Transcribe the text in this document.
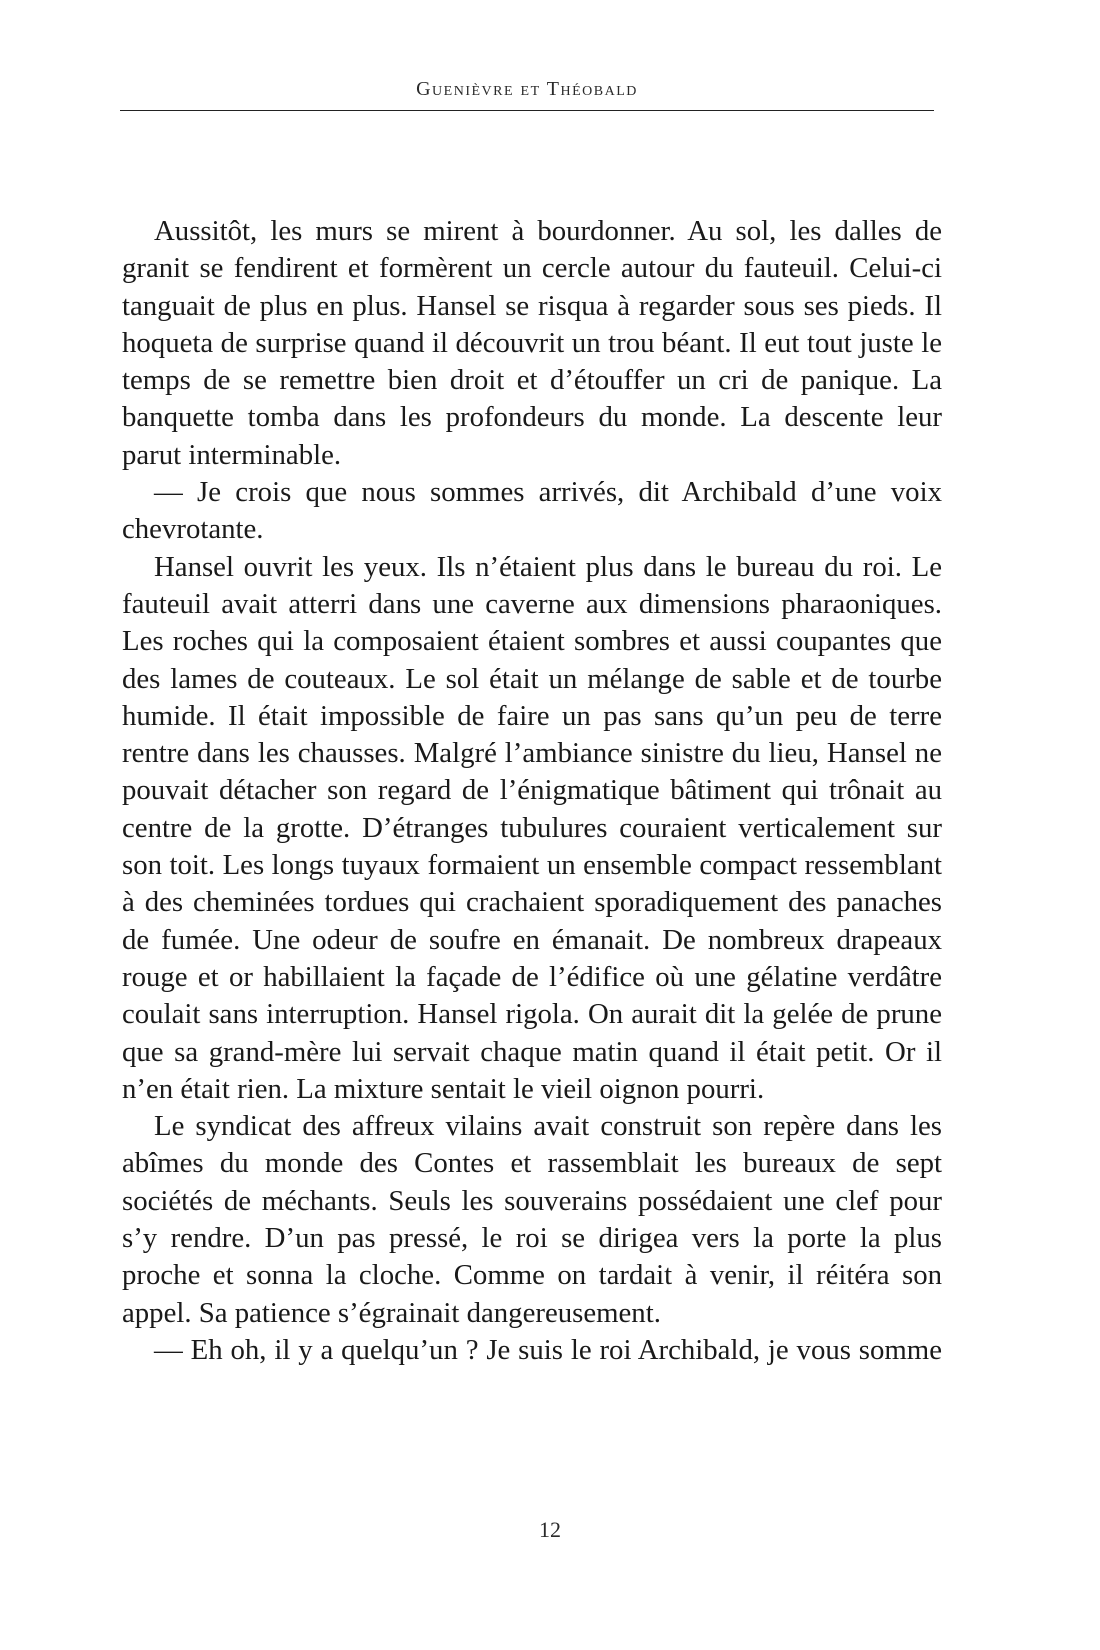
Guenièvre et Théobald

Aussitôt, les murs se mirent à bourdonner. Au sol, les dalles de granit se fendirent et formèrent un cercle autour du fauteuil. Celui-ci tanguait de plus en plus. Hansel se risqua à regarder sous ses pieds. Il hoqueta de surprise quand il découvrit un trou béant. Il eut tout juste le temps de se remettre bien droit et d’étouffer un cri de panique. La banquette tomba dans les profondeurs du monde. La descente leur parut interminable.

— Je crois que nous sommes arrivés, dit Archibald d’une voix chevrotante.

Hansel ouvrit les yeux. Ils n’étaient plus dans le bureau du roi. Le fauteuil avait atterri dans une caverne aux dimensions pharaoniques. Les roches qui la composaient étaient sombres et aussi coupantes que des lames de couteaux. Le sol était un mélange de sable et de tourbe humide. Il était impossible de faire un pas sans qu’un peu de terre rentre dans les chausses. Malgré l’ambiance sinistre du lieu, Hansel ne pouvait détacher son regard de l’énigmatique bâtiment qui trônait au centre de la grotte. D’étranges tubulures couraient verticalement sur son toit. Les longs tuyaux formaient un ensemble compact ressemblant à des cheminées tordues qui crachaient sporadiquement des panaches de fumée. Une odeur de soufre en émanait. De nombreux drapeaux rouge et or habillaient la façade de l’édifice où une gélatine verdâtre coulait sans interruption. Hansel rigola. On aurait dit la gelée de prune que sa grand-mère lui servait chaque matin quand il était petit. Or il n’en était rien. La mixture sentait le vieil oignon pourri.

Le syndicat des affreux vilains avait construit son repère dans les abîmes du monde des Contes et rassemblait les bureaux de sept sociétés de méchants. Seuls les souverains possédaient une clef pour s’y rendre. D’un pas pressé, le roi se dirigea vers la porte la plus proche et sonna la cloche. Comme on tardait à venir, il réitéra son appel. Sa patience s’égrainait dangereusement.

— Eh oh, il y a quelqu’un ? Je suis le roi Archibald, je vous somme

12
